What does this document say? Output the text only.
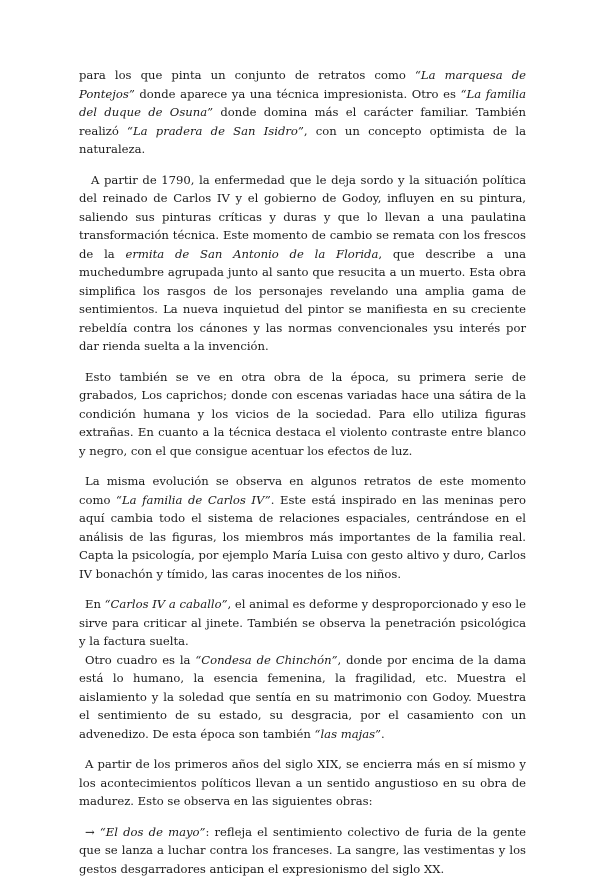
para los que pinta un conjunto de retratos como “La marquesa de Pontejos” donde aparece ya una técnica impresionista. Otro es “La familia del duque de Osuna” donde domina más el carácter familiar. También realizó “La pradera de San Isidro”, con un concepto optimista de la naturaleza.

A partir de 1790, la enfermedad que le deja sordo y la situación política del reinado de Carlos IV y el gobierno de Godoy, influyen en su pintura, saliendo sus pinturas críticas y duras y que lo llevan a una paulatina transformación técnica. Este momento de cambio se remata con los frescos de la ermita de San Antonio de la Florida, que describe a una muchedumbre agrupada junto al santo que resucita a un muerto. Esta obra simplifica los rasgos de los personajes revelando una amplia gama de sentimientos. La nueva inquietud del pintor se manifiesta en su creciente rebeldía contra los cánones y las normas convencionales ysu interés por dar rienda suelta a la invención.

Esto también se ve en otra obra de la época, su primera serie de grabados, Los caprichos; donde con escenas variadas hace una sátira de la condición humana y los vicios de la sociedad. Para ello utiliza figuras extrañas. En cuanto a la técnica destaca el violento contraste entre blanco y negro, con el que consigue acentuar los efectos de luz.

La misma evolución se observa en algunos retratos de este momento como “La familia de Carlos IV”. Este está inspirado en las meninas pero aquí cambia todo el sistema de relaciones espaciales, centrándose en el análisis de las figuras, los miembros más importantes de la familia real. Capta la psicología, por ejemplo María Luisa con gesto altivo y duro, Carlos IV bonachón y tímido, las caras inocentes de los niños.

En “Carlos IV a caballo”, el animal es deforme y desproporcionado y eso le sirve para criticar al jinete. También se observa la penetración psicológica y la factura suelta.

Otro cuadro es la “Condesa de Chinchón”, donde por encima de la dama está lo humano, la esencia femenina, la fragilidad, etc. Muestra el aislamiento y la soledad que sentía en su matrimonio con Godoy. Muestra el sentimiento de su estado, su desgracia, por el casamiento con un advenedizo. De esta época son también “las majas”.

A partir de los primeros años del siglo XIX, se encierra más en sí mismo y los acontecimientos políticos llevan a un sentido angustioso en su obra de madurez. Esto se observa en las siguientes obras:

→ “El dos de mayo”: refleja el sentimiento colectivo de furia de la gente que se lanza a luchar contra los franceses. La sangre, las vestimentas y los gestos desgarradores anticipan el expresionismo del siglo XX.
